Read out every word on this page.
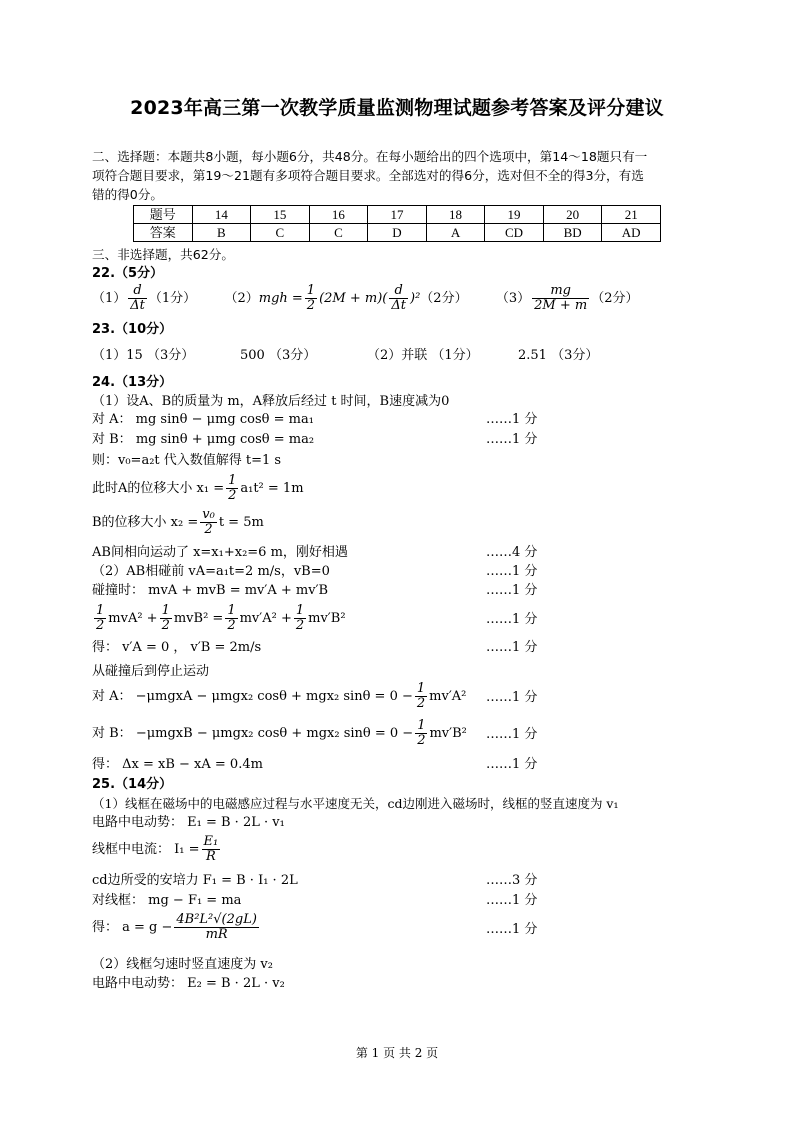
2023年高三第一次教学质量监测物理试题参考答案及评分建议
二、选择题：本题共8小题，每小题6分，共48分。在每小题给出的四个选项中，第14～18题只有一
项符合题目要求，第19～21题有多项符合题目要求。全部选对的得6分，选对但不全的得3分，有选
错的得0分。
题号	14	15	16	17	18	19	20	21
答案	B	C	C	D	A	CD	BD	AD
三、非选择题，共62分。
22.（5分）
$(1) \frac{d}{\Delta t} (1$分） $(2)mgh = \frac{1}{2} (2M + m)( \frac{d}{\Delta t} )^2(2$分） $(3) \frac{mg}{2M + m} (2$分）
23.（10分）
（1）15 （3分）	500 （3分）	（2）并联 （1分）	2.51 （3分）
24.（13分）
（1）设A、B的质量为 m，A释放后经过 t 时间，B速度减为0
对 A： mg sinθ − μmg cosθ = ma₁	……1 分
对 B： mg sinθ + μmg cosθ = ma₂	……1 分
则：v₀=a₂t 代入数值解得 t=1 s
此时A的位移大小 $x_1 = \frac{1}{2} a_1t^2 = 1m$
B的位移大小 $x_2 = \frac{\text{v₀}}{2}$ t = 5m
AB间相向运动了 x=x₁+x₂=6 m，刚好相遇	……4 分
（2）AB相碰前 vA=a₁t=2 m/s，vB=0	……1 分
碰撞时： mvA + mvB = mv′A + mv′B	……1 分
$\frac{1}{2} mvA^2 + \frac{1}{2} mvB^2 = \frac{1}{2} mv'A^2 + \frac{1}{2} mv'B^2$	……1 分
得： v′A = 0 ， v′B = 2m/s	……1 分
从碰撞后到停止运动
对 A： −μmgxA − μmgx₂ cosθ + mgx₂ $\sin\theta = 0 - \frac{1}{2} mv'A^2$ ……1 分
对 B： −μmgxB − μmgx₂ cosθ + mgx₂ $\sin\theta = 0 - \frac{1}{2} mv'B^2$ ……1 分
得： Δx = xB − xA = 0.4m	……1 分
25.（14分）
（1）线框在磁场中的电磁感应过程与水平速度无关，cd边刚进入磁场时，线框的竖直速度为 v₁
电路中电动势： E₁ = B · 2L · v₁
线框中电流： $I_1 = \frac{\text{E₁}}{R}$
cd边所受的安培力 F₁ = B · I₁ · 2L	……3 分
对线框： mg − F₁ = ma	……1 分
得： $a = g - \frac{\text{4B²L²√(2gL)}}{mR}$	……1 分
（2）线框匀速时竖直速度为 v₂
电路中电动势： E₂ = B · 2L · v₂
第 1 页 共 2 页
